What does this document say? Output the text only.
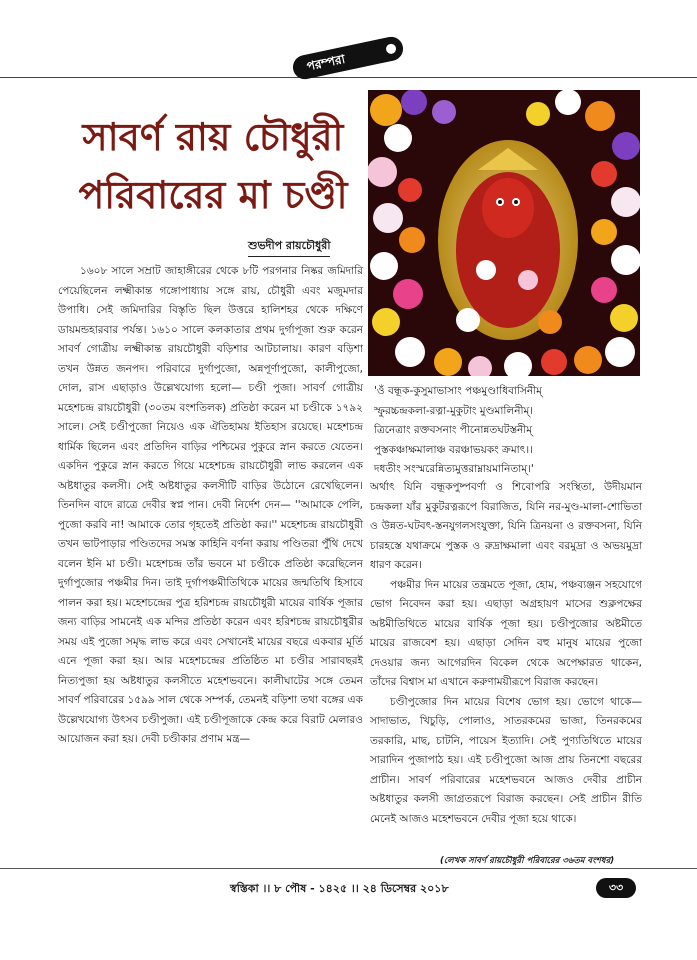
পরম্পরা
সাবর্ণ রায় চৌধুরী
পরিবারের মা চণ্ডী

শুভদীপ রায়চৌধুরী

১৬০৮ সালে সম্রাট জাহাঙ্গীরের থেকে ৮টি পরগনার নিষ্কর জমিদারি পেয়েছিলেন লক্ষ্মীকান্ত গঙ্গোপাধ্যায় সঙ্গে রায়, চৌধুরী এবং মজুমদার উপাধি। সেই জমিদারির বিস্তৃতি ছিল উত্তরে হালিশহর থেকে দক্ষিণে ডায়মন্ডহারবার পর্যন্ত। ১৬১০ সালে কলকাতার প্রথম দুর্গাপূজা শুরু করেন সাবর্ণ গোত্রীয় লক্ষ্মীকান্ত রায়চৌধুরী বড়িশার আটচালায়। কারণ বড়িশা তখন উন্নত জনপদ। পরিবারে দুর্গাপুজো, অন্নপূর্ণাপুজো, কালীপুজো, দোল, রাস এছাড়াও উল্লেখযোগ্য হলো— চণ্ডী পুজা। সাবর্ণ গোত্রীয় মহেশচন্দ্র রায়চৌধুরী (৩০তম বংশতিলক) প্রতিষ্ঠা করেন মা চণ্ডীকে ১৭৯২ সালে। সেই চণ্ডীপুজো নিয়েও এক ঐতিহাময় ইতিহাস রয়েছে। মহেশচন্দ্র ধার্মিক ছিলেন এবং প্রতিদিন বাড়ির পশ্চিমের পুকুরে স্নান করতে যেতেন। একদিন পুকুরে স্নান করতে গিয়ে মহেশচন্দ্র রায়চৌধুরী লাভ করলেন এক অষ্টধাতুর কলসী। সেই অষ্টধাতুর কলসীটি বাড়ির উঠোনে রেখেছিলেন। তিনদিন বাদে রাত্রে দেবীর স্বপ্ন পান। দেবী নির্দেশ দেন— ''আমাকে পেলি, পুজো করবি না! আমাকে তোর গৃহতেই প্রতিষ্ঠা কর।'' মহেশচন্দ্র রায়চৌধুরী তখন ভাটপাড়ার পণ্ডিতদের সমস্ত কাহিনি বর্ণনা করায় পণ্ডিতরা পুঁথি দেখে বলেন ইনি মা চণ্ডী। মহেশচন্দ্র তাঁর ভবনে মা চণ্ডীকে প্রতিষ্ঠা করেছিলেন দুর্গাপুজোর পঞ্চমীর দিন। তাই দুর্গাপঞ্চমীতিথিকে মায়ের জন্মতিথি হিসাবে পালন করা হয়। মহেশচন্দ্রের পুত্র হরিশচন্দ্র রায়চৌধুরী মায়ের বার্ষিক পূজার জন্য বাড়ির সামনেই এক মন্দির প্রতিষ্ঠা করেন এবং হরিশচন্দ্র রায়চৌধুরীর সময় এই পুজো সমৃদ্ধ লাভ করে এবং সেখানেই মায়ের বছরে একবার মূর্তি এনে পূজা করা হয়। আর মহেশচন্দ্রের প্রতিষ্ঠিত মা চণ্ডীর সারাবছরই নিত্যপুজা হয় অষ্টধাতুর কলসীতে মহেশভবনে। কালীঘাটের সঙ্গে তেমন সাবর্ণ পরিবারের ১৫৯৯ সাল থেকে সম্পর্ক, তেমনই বড়িশা তথা বঙ্গের এক উল্লেখযোগ্য উৎসব চণ্ডীপুজা। এই চণ্ডীপূজাকে কেন্দ্র করে বিরাট মেলারও আয়োজন করা হয়। দেবী চণ্ডীকার প্রণাম মন্ত্র—

'ওঁ বন্ধূক-কুসুমাভাসাং পঞ্চমুণ্ডাধিবাসিনীম্
স্ফুরচ্চন্দ্রকলা-রত্না-মুকুটাং মুণ্ডমালিনীম্।
ত্রিনেত্রাং রক্তবসনাং পীনোন্নতঘটস্তনীম্
পুস্তকঞ্চাক্ষমালাঞ্চ বরঞ্চাভয়কং ক্রমাৎ।।
দধতীং সংস্মরেন্নিত্যমুত্তরাম্নায়মানিতাম্।'

অর্থাৎ যিনি বন্ধূকপুষ্পবর্ণা ও শিবোপরি সংস্থিতা, উদীয়মান চন্দ্রকলা যাঁর মুকুটরত্নরূপে বিরাজিত, যিনি নর-মুণ্ড-মালা-শোভিতা ও উন্নত-ঘটবৎ-স্তনযুগলসংযুক্তা, যিনি ত্রিনয়না ও রক্তবসনা, যিনি চারহস্তে যথাক্রমে পুস্তক ও রুদ্রাক্ষমালা এবং বরমুদ্রা ও অভয়মুদ্রা ধারণ করেন।

পঞ্চমীর দিন মায়ের তন্ত্রমতে পূজা, হোম, পঞ্চব্যঞ্জন সহযোগে ভোগ নিবেদন করা হয়। এছাড়া অগ্রহায়ণ মাসের শুক্লপক্ষের অষ্টমীতিথিতে মায়ের বার্ষিক পূজা হয়। চণ্ডীপুজোর অষ্টমীতে মায়ের রাজবেশ হয়। এছাড়া সেদিন বহু মানুষ মায়ের পুজো দেওয়ার জন্য আগেরদিন বিকেল থেকে অপেক্ষারত থাকেন, তাঁদের বিশ্বাস মা এখানে করুণাময়ীরূপে বিরাজ করছেন।

চণ্ডীপুজোর দিন মায়ের বিশেষ ভোগ হয়। ভোগে থাকে— সাদাভাত, খিচুড়ি, পোলাও, সাতরকমের ভাজা, তিনরকমের তরকারি, মাছ, চাটনি, পায়েস ইত্যাদি। সেই পুণ্যতিথিতে মায়ের সারাদিন পুজাপাঠ হয়। এই চণ্ডীপুজো আজ প্রায় তিনশো বছরের প্রাচীন। সাবর্ণ পরিবারের মহেশভবনে আজও দেবীর প্রাচীন অষ্টধাতুর কলসী জাগ্রতরূপে বিরাজ করছেন। সেই প্রাচীন রীতি মেনেই আজও মহেশভবনে দেবীর পূজা হয়ে থাকে।

(লেখক সাবর্ণ রায়চৌধুরী পরিবারের ৩৬তম বংশধর)

স্বস্তিকা ।। ৮ পৌষ - ১৪২৫ ।। ২৪ ডিসেম্বর ২০১৮	৩৩
